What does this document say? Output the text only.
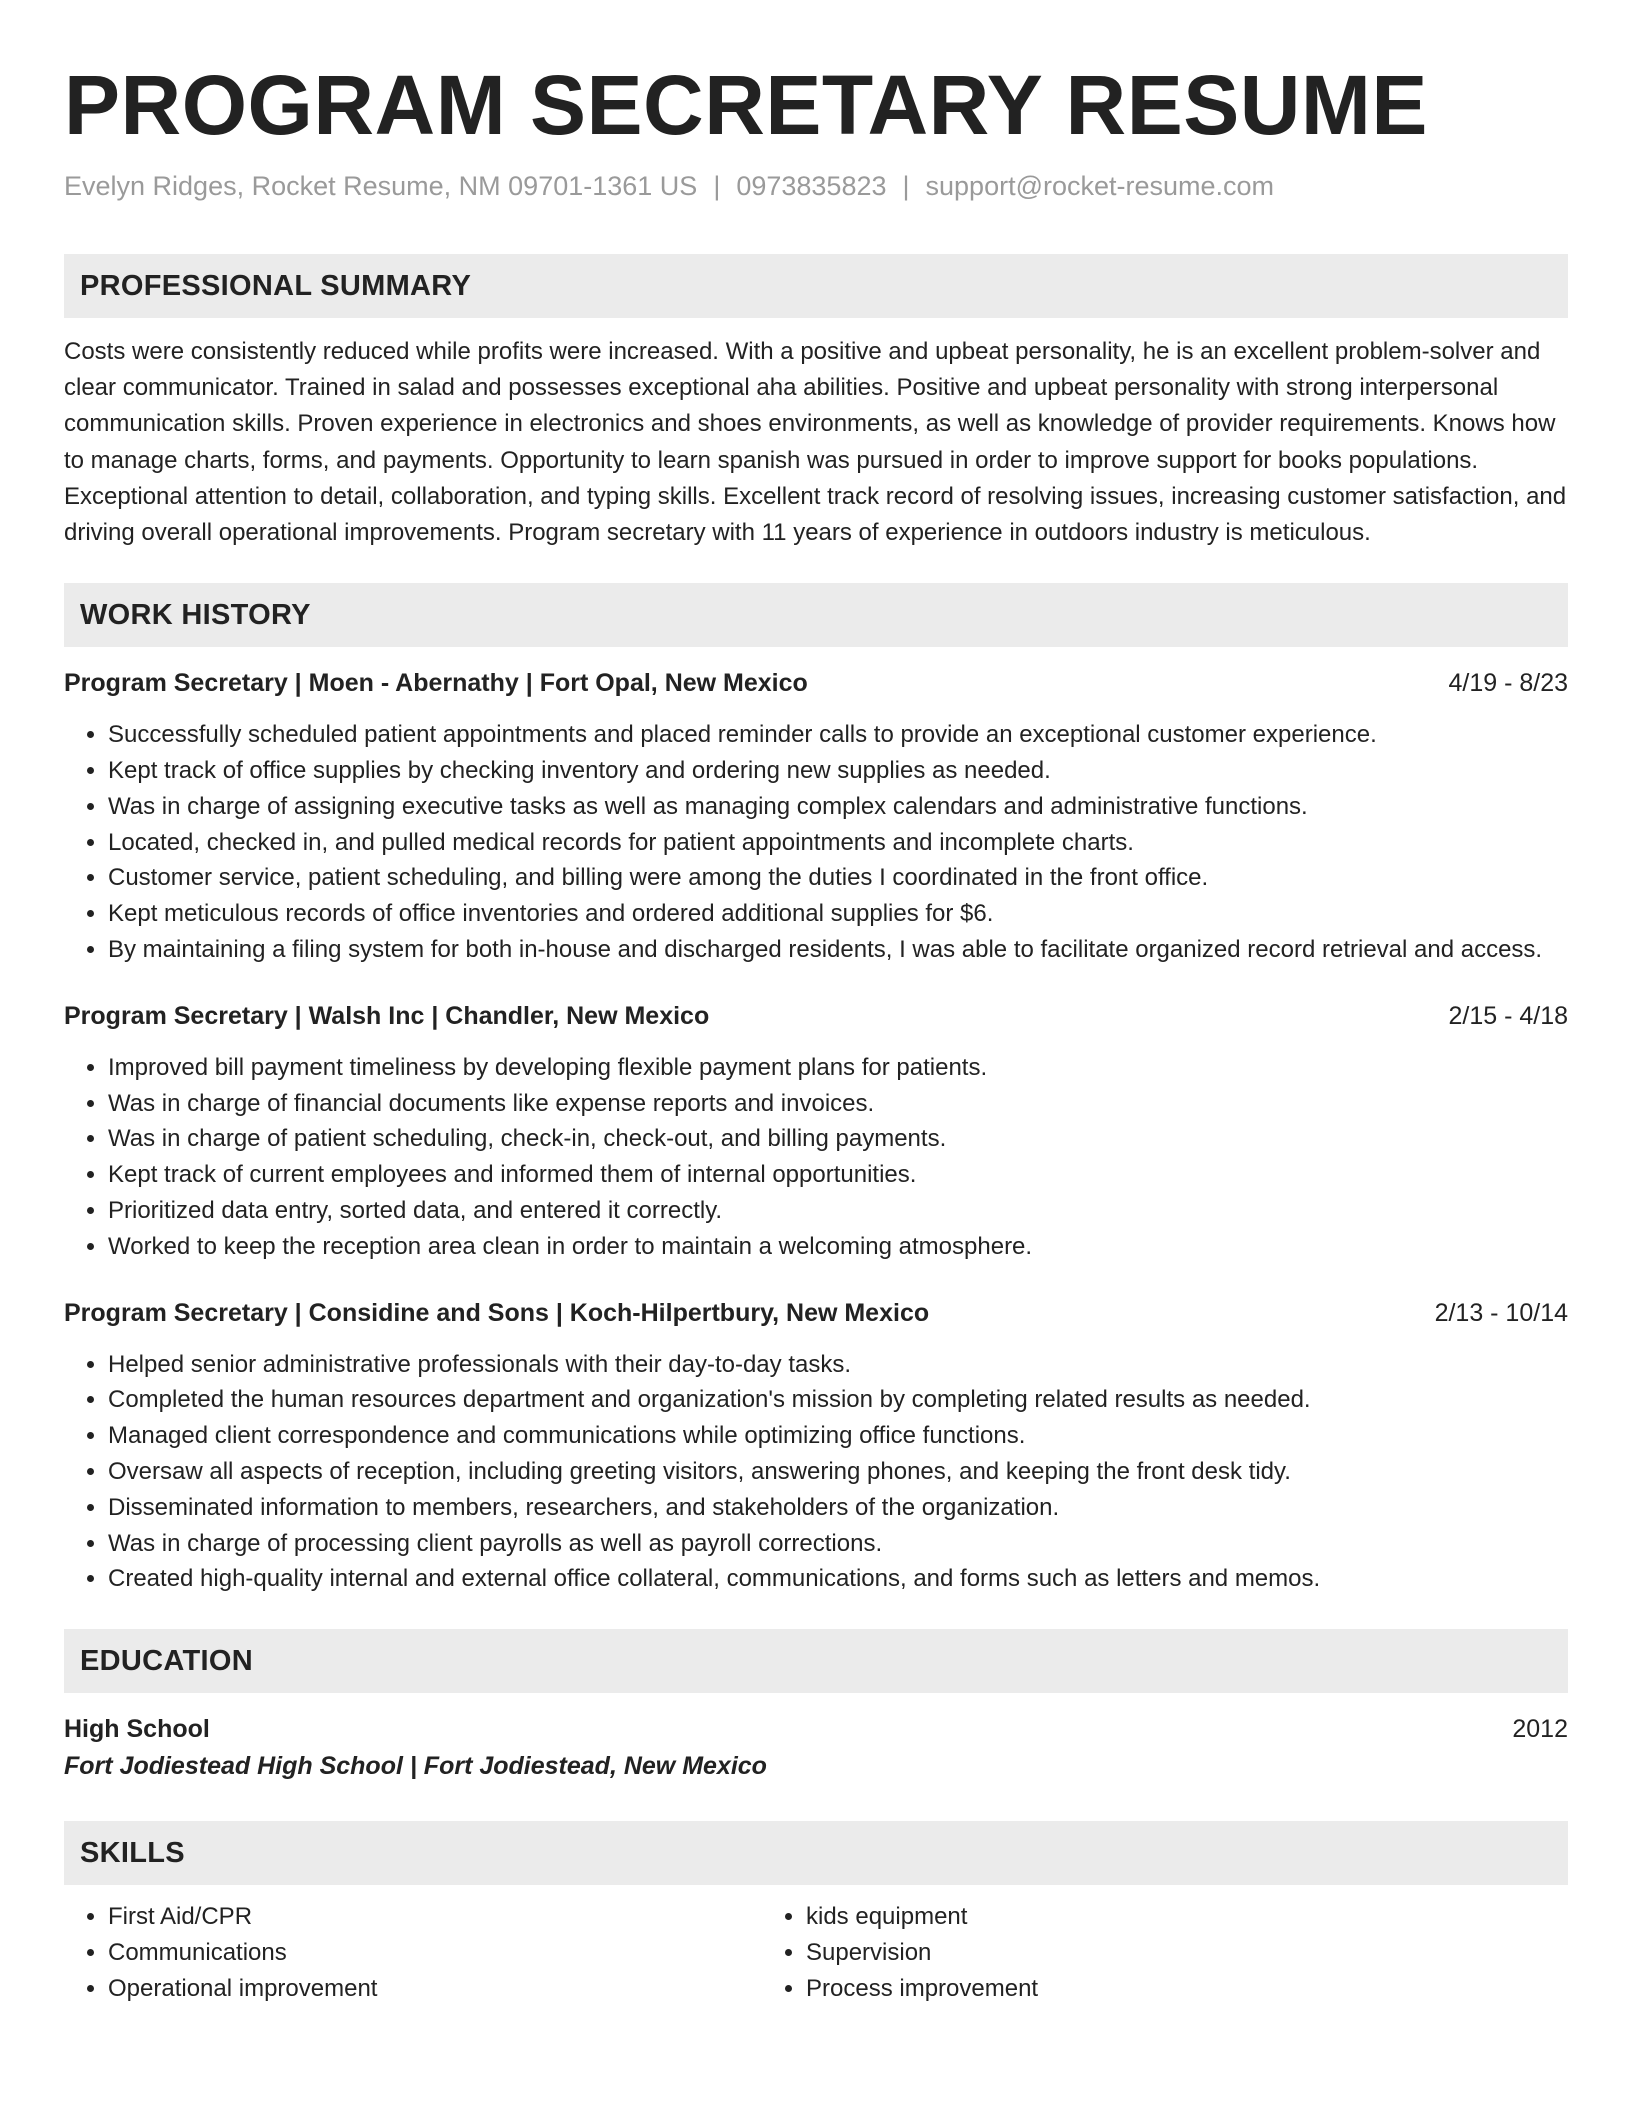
PROGRAM SECRETARY RESUME
Evelyn Ridges, Rocket Resume, NM 09701-1361 US | 0973835823 | support@rocket-resume.com
PROFESSIONAL SUMMARY
Costs were consistently reduced while profits were increased. With a positive and upbeat personality, he is an excellent problem-solver and clear communicator. Trained in salad and possesses exceptional aha abilities. Positive and upbeat personality with strong interpersonal communication skills. Proven experience in electronics and shoes environments, as well as knowledge of provider requirements. Knows how to manage charts, forms, and payments. Opportunity to learn spanish was pursued in order to improve support for books populations. Exceptional attention to detail, collaboration, and typing skills. Excellent track record of resolving issues, increasing customer satisfaction, and driving overall operational improvements. Program secretary with 11 years of experience in outdoors industry is meticulous.
WORK HISTORY
Program Secretary | Moen - Abernathy | Fort Opal, New Mexico	4/19 - 8/23
• Successfully scheduled patient appointments and placed reminder calls to provide an exceptional customer experience.
• Kept track of office supplies by checking inventory and ordering new supplies as needed.
• Was in charge of assigning executive tasks as well as managing complex calendars and administrative functions.
• Located, checked in, and pulled medical records for patient appointments and incomplete charts.
• Customer service, patient scheduling, and billing were among the duties I coordinated in the front office.
• Kept meticulous records of office inventories and ordered additional supplies for $6.
• By maintaining a filing system for both in-house and discharged residents, I was able to facilitate organized record retrieval and access.
Program Secretary | Walsh Inc | Chandler, New Mexico	2/15 - 4/18
• Improved bill payment timeliness by developing flexible payment plans for patients.
• Was in charge of financial documents like expense reports and invoices.
• Was in charge of patient scheduling, check-in, check-out, and billing payments.
• Kept track of current employees and informed them of internal opportunities.
• Prioritized data entry, sorted data, and entered it correctly.
• Worked to keep the reception area clean in order to maintain a welcoming atmosphere.
Program Secretary | Considine and Sons | Koch-Hilpertbury, New Mexico	2/13 - 10/14
• Helped senior administrative professionals with their day-to-day tasks.
• Completed the human resources department and organization's mission by completing related results as needed.
• Managed client correspondence and communications while optimizing office functions.
• Oversaw all aspects of reception, including greeting visitors, answering phones, and keeping the front desk tidy.
• Disseminated information to members, researchers, and stakeholders of the organization.
• Was in charge of processing client payrolls as well as payroll corrections.
• Created high-quality internal and external office collateral, communications, and forms such as letters and memos.
EDUCATION
High School	2012
Fort Jodiestead High School | Fort Jodiestead, New Mexico
SKILLS
• First Aid/CPR
• Communications
• Operational improvement
• kids equipment
• Supervision
• Process improvement
